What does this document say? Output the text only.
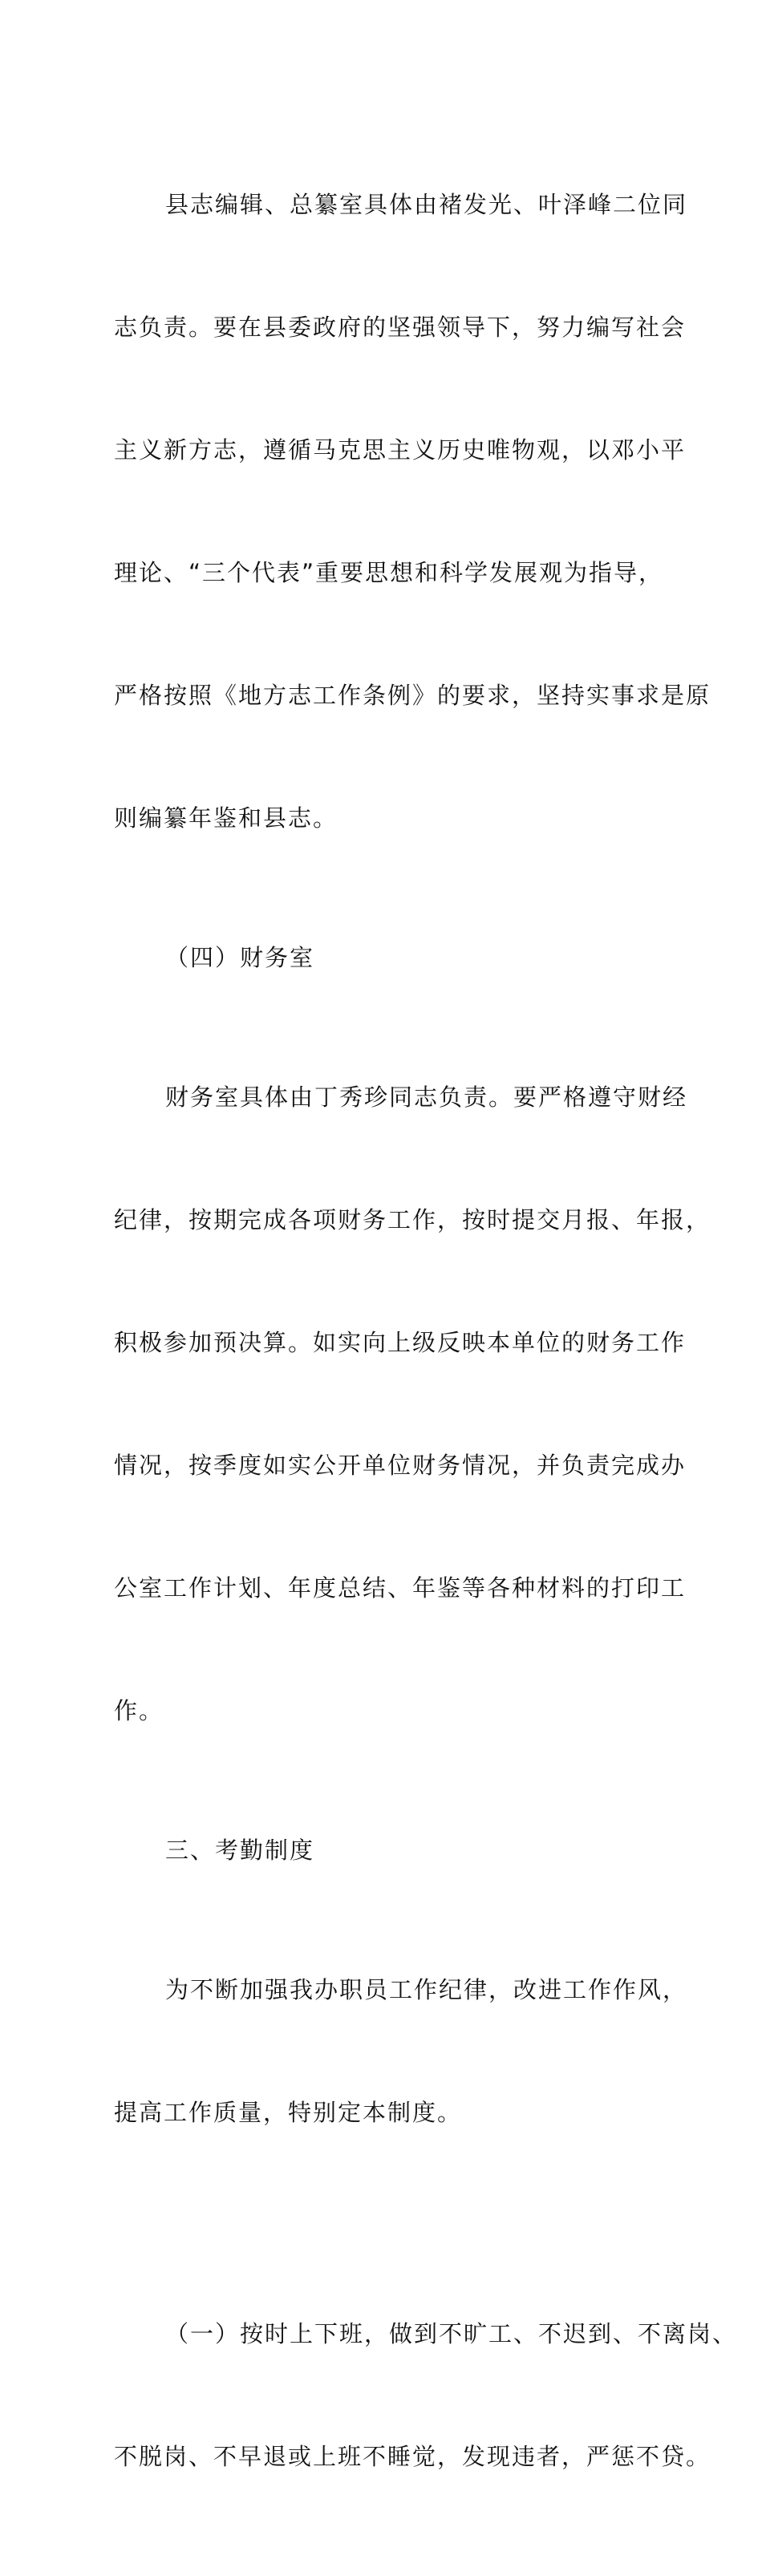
县志编辑、总纂室具体由褚发光、叶泽峰二位同

志负责。要在县委政府的坚强领导下，努力编写社会

主义新方志，遵循马克思主义历史唯物观，以邓小平

理论、“三个代表”重要思想和科学发展观为指导，

严格按照《地方志工作条例》的要求，坚持实事求是原

则编纂年鉴和县志。

（四）财务室

财务室具体由丁秀珍同志负责。要严格遵守财经

纪律，按期完成各项财务工作，按时提交月报、年报，

积极参加预决算。如实向上级反映本单位的财务工作

情况，按季度如实公开单位财务情况，并负责完成办

公室工作计划、年度总结、年鉴等各种材料的打印工

作。

三、考勤制度

为不断加强我办职员工作纪律，改进工作作风，

提高工作质量，特别定本制度。

（一）按时上下班，做到不旷工、不迟到、不离岗、

不脱岗、不早退或上班不睡觉，发现违者，严惩不贷。
